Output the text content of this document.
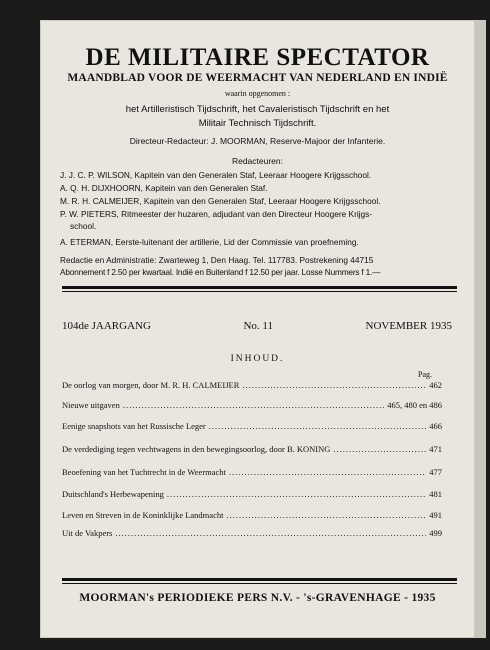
DE MILITAIRE SPECTATOR
MAANDBLAD VOOR DE WEERMACHT VAN NEDERLAND EN INDIË
waarin opgenomen :
het Artilleristisch Tijdschrift, het Cavaleristisch Tijdschrift en het
Militair Technisch Tijdschrift.
Directeur-Redacteur: J. MOORMAN, Reserve-Majoor der Infanterie.
Redacteuren:
J. J. C. P. WILSON, Kapitein van den Generalen Staf, Leeraar Hoogere Krijgsschool.
A. Q. H. DIJXHOORN, Kapitein van den Generalen Staf.
M. R. H. CALMEIJER, Kapitein van den Generalen Staf, Leeraar Hoogere Krijgsschool.
P. W. PIETERS, Ritmeester der huzaren, adjudant van den Directeur Hoogere Krijgs-
school.
A. ETERMAN, Eerste-luitenant der artillerie, Lid der Commissie van proefneming.
Redactie en Administratie: Zwarteweg 1, Den Haag. Tel. 117783. Postrekening 44715
Abonnement f 2.50 per kwartaal. Indië en Buitenland f 12.50 per jaar. Losse Nummers f 1.—
104de JAARGANG	No. 11	NOVEMBER 1935
INHOUD.
Pag.
De oorlog van morgen, door M. R. H. CALMEIJER .....	462
Nieuwe uitgaven .....	465, 480 en 486
Eenige snapshots van het Russische Leger .....	466
De verdediging tegen vechtwagens in den bewegingsoorlog, door B. KONING .....	471
Beoefening van het Tuchtrecht in de Weermacht .....	477
Duitschland's Herbewapening .....	481
Leven en Streven in de Koninklijke Landmacht .....	491
Uit de Vakpers .....	499
MOORMAN's PERIODIEKE PERS N.V. - 's-GRAVENHAGE - 1935
